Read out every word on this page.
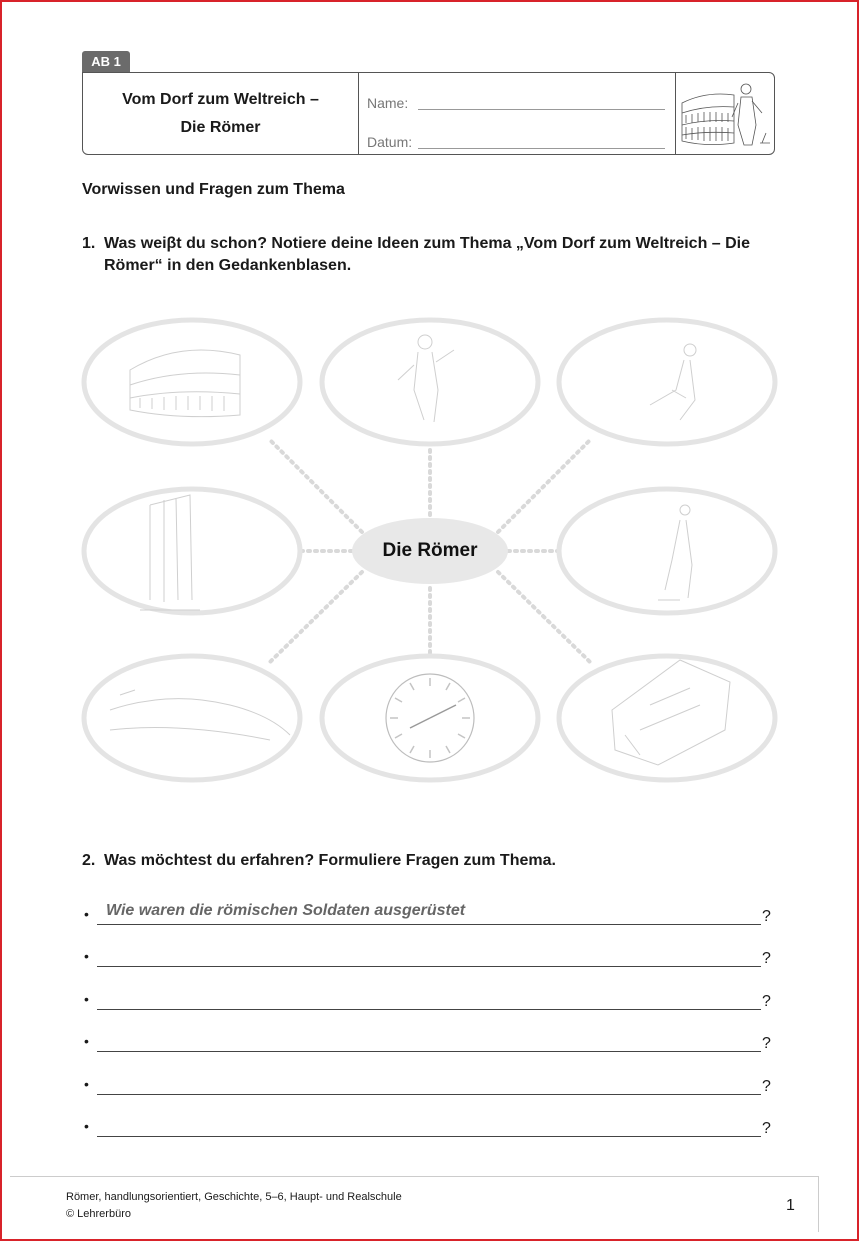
AB 1
Vom Dorf zum Weltreich –
Die Römer
Name:
Datum:
Vorwissen und Fragen zum Thema
1. Was weiβt du schon? Notiere deine Ideen zum Thema „Vom Dorf zum Weltreich – Die Römer“ in den Gedankenblasen.
Die Römer
2. Was möchtest du erfahren? Formuliere Fragen zum Thema.
• Wie waren die römischen Soldaten ausgerüstet	?
•	?
•	?
•	?
•	?
•	?
Römer, handlungsorientiert, Geschichte, 5–6, Haupt- und Realschule
© Lehrerbüro	1
